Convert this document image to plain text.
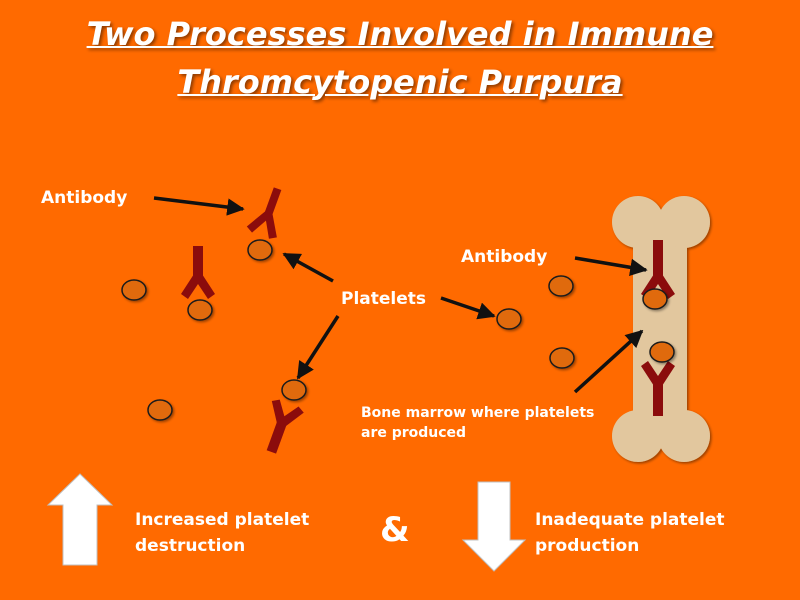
Two Processes Involved in Immune
Thromcytopenic Purpura
Antibody
Platelets
Antibody
Bone marrow where platelets are produced
Increased platelet destruction	&	Inadequate platelet production
